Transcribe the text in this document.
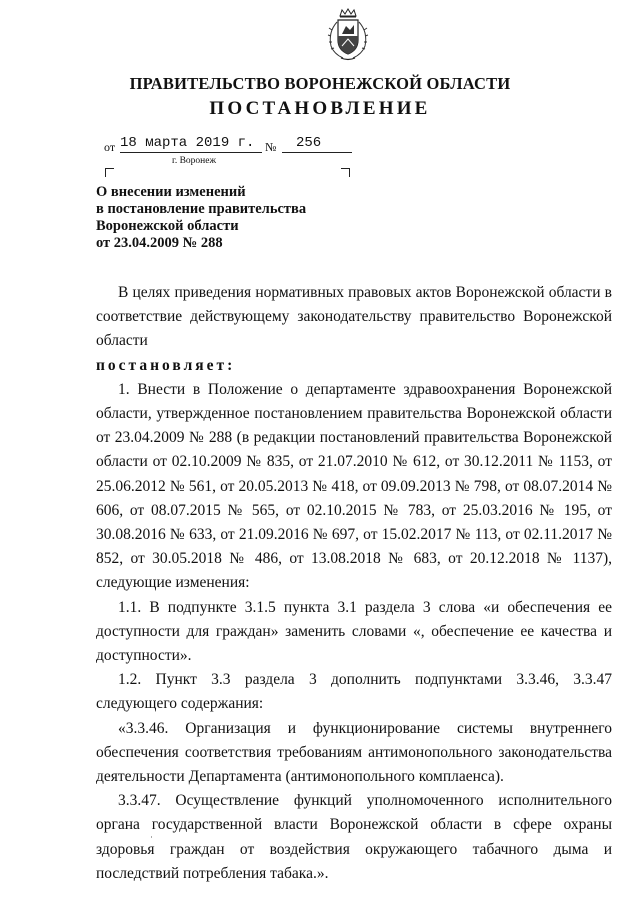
ПРАВИТЕЛЬСТВО ВОРОНЕЖСКОЙ ОБЛАСТИ
ПОСТАНОВЛЕНИЕ
от 18 марта 2019 г. №	256
г. Воронеж
О внесении изменений
в постановление правительства
Воронежской области
от 23.04.2009 № 288

В целях приведения нормативных правовых актов Воронежской области в соответствие действующему законодательству правительство Воронежской области

постановляет:

1. Внести в Положение о департаменте здравоохранения Воронежской области, утвержденное постановлением правительства Воронежской области от 23.04.2009 № 288 (в редакции постановлений правительства Воронежской области от 02.10.2009 № 835, от 21.07.2010 № 612, от 30.12.2011 № 1153, от 25.06.2012 № 561, от 20.05.2013 № 418, от 09.09.2013 № 798, от 08.07.2014 № 606, от 08.07.2015 № 565, от 02.10.2015 № 783, от 25.03.2016 № 195, от 30.08.2016 № 633, от 21.09.2016 № 697, от 15.02.2017 № 113, от 02.11.2017 № 852, от 30.05.2018 № 486, от 13.08.2018 № 683, от 20.12.2018 № 1137), следующие изменения:

1.1. В подпункте 3.1.5 пункта 3.1 раздела 3 слова «и обеспечения ее доступности для граждан» заменить словами «, обеспечение ее качества и доступности».

1.2. Пункт 3.3 раздела 3 дополнить подпунктами 3.3.46, 3.3.47 следующего содержания:

«3.3.46. Организация и функционирование системы внутреннего обеспечения соответствия требованиям антимонопольного законодательства деятельности Департамента (антимонопольного комплаенса).

3.3.47. Осуществление функций уполномоченного исполнительного органа государственной власти Воронежской области в сфере охраны здоровья граждан от воздействия окружающего табачного дыма и последствий потребления табака.».
